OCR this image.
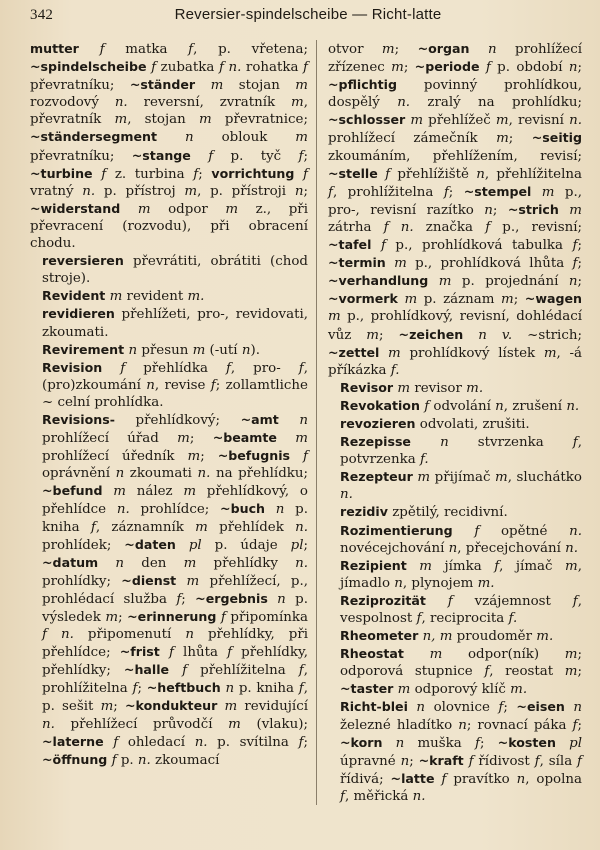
342	Reversier-spindelscheibe — Richt-latte

mutter f matka f, p. vřetena; ~spindelscheibe f zubatka f n. rohatka f převratníku; ~ständer m stojan m rozvodový n. reversní, zvratník m, převratník m, stojan m převratnice; ~ständersegment n oblouk m převratníku; ~stange f p. tyč f; ~turbine f z. turbina f; vorrichtung f vratný n. p. přístroj m, p. přístroji n; ~widerstand m odpor m z., při převracení (rozvodu), při obracení chodu.

reversieren převrátiti, obrátiti (chod stroje).

Revident m revident m.

revidieren přehlížeti, pro-, revidovati, zkoumati.

Revirement n přesun m (-utí n).

Revision f přehlídka f, pro- f, (pro)zkoumání n, revise f; zollamtliche ~ celní prohlídka.

Revisions- přehlídkový; ~amt n prohlížecí úřad m; ~beamte m prohlížecí úředník m; ~befugnis f oprávnění n zkoumati n. na přehlídku; ~befund m nález m přehlídkový, o přehlídce n. prohlídce; ~buch n p. kniha f, záznamník m přehlídek n. prohlídek; ~daten pl p. údaje pl; ~datum n den m přehlídky n. prohlídky; ~dienst m přehlížecí, p., prohlédací služba f; ~ergebnis n p. výsledek m; ~erinnerung f připomínka f n. připomenutí n přehlídky, při přehlídce; ~frist f lhůta f přehlídky, přehlídky; ~halle f přehlížitelna f, prohlížitelna f; ~heftbuch n p. kniha f, p. sešit m; ~kondukteur m revidující n. přehlížecí průvodčí m (vlaku); ~laterne f ohledací n. p. svítilna f; ~öffnung f p. n. zkoumací

otvor m; ~organ n prohlížecí zřízenec m; ~periode f p. období n; ~pflichtig povinný prohlídkou, dospělý n. zralý na prohlídku; ~schlosser m přehlížeč m, revisní n. prohlížecí zámečník m; ~seitig zkoumáním, přehlížením, revisí; ~stelle f přehlížiště n, přehlížitelna f, prohlížitelna f; ~stempel m p., pro-, revisní razítko n; ~strich m zátrha f n. značka f p., revisní; ~tafel f p., prohlídková tabulka f; ~termin m p., prohlídková lhůta f; ~verhandlung m p. projednání n; ~vormerk m p. záznam m; ~wagen m p., prohlídkový, revisní, dohlédací vůz m; ~zeichen n v. ~strich; ~zettel m prohlídkový lístek m, -á příkázka f.

Revisor m revisor m.

Revokation f odvolání n, zrušení n.

revozieren odvolati, zrušiti.

Rezepisse n stvrzenka f, potvrzenka f.

Rezepteur m přijímač m, sluchátko n.

rezidiv zpětilý, recidivní.

Rozimentierung f opětné n. novécejchování n, přecejchování n.

Rezipient m jímka f, jímač m, jímadlo n, plynojem m.

Reziprozität f vzájemnost f, vespolnost f, reciprocita f.

Rheometer n, m proudoměr m.

Rheostat m odpor(ník) m; odporová stupnice f, reostat m; ~taster m odporový klíč m.

Richt-blei n olovnice f; ~eisen n železné hladítko n; rovnací páka f; ~korn n muška f; ~kosten pl úpravné n; ~kraft f řídivost f, síla f řídivá; ~latte f pravítko n, opolna f, měřická n.
